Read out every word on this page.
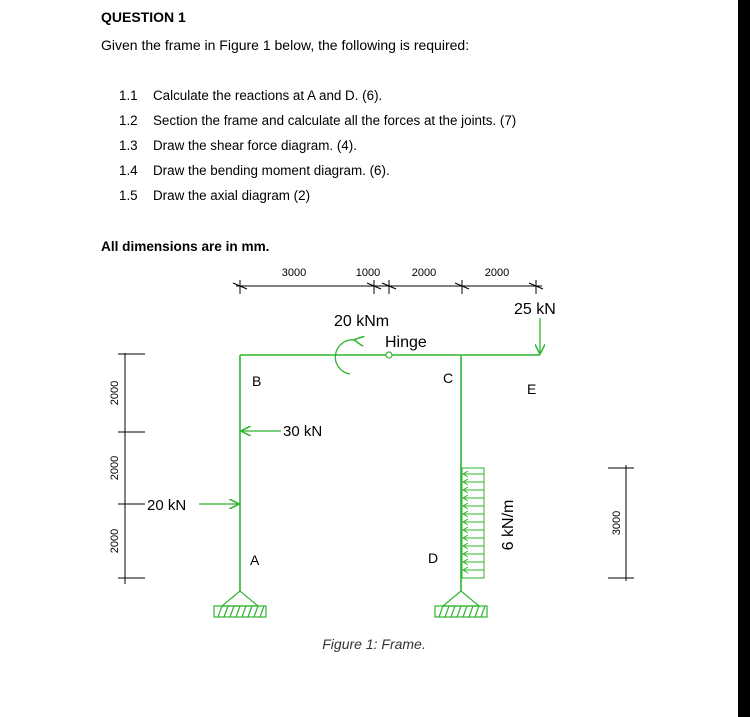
QUESTION 1
Given the frame in Figure 1 below, the following is required:
1.1 Calculate the reactions at A and D. (6).
1.2 Section the frame and calculate all the forces at the joints. (7)
1.3 Draw the shear force diagram. (4).
1.4 Draw the bending moment diagram. (6).
1.5 Draw the axial diagram (2)
All dimensions are in mm.
3000	1000	2000	2000
2000
2000
2000
3000
20 kNm
Hinge
25 kN
30 kN
20 kN	6 kN/m
B	C
E
A	D
Figure 1: Frame.
